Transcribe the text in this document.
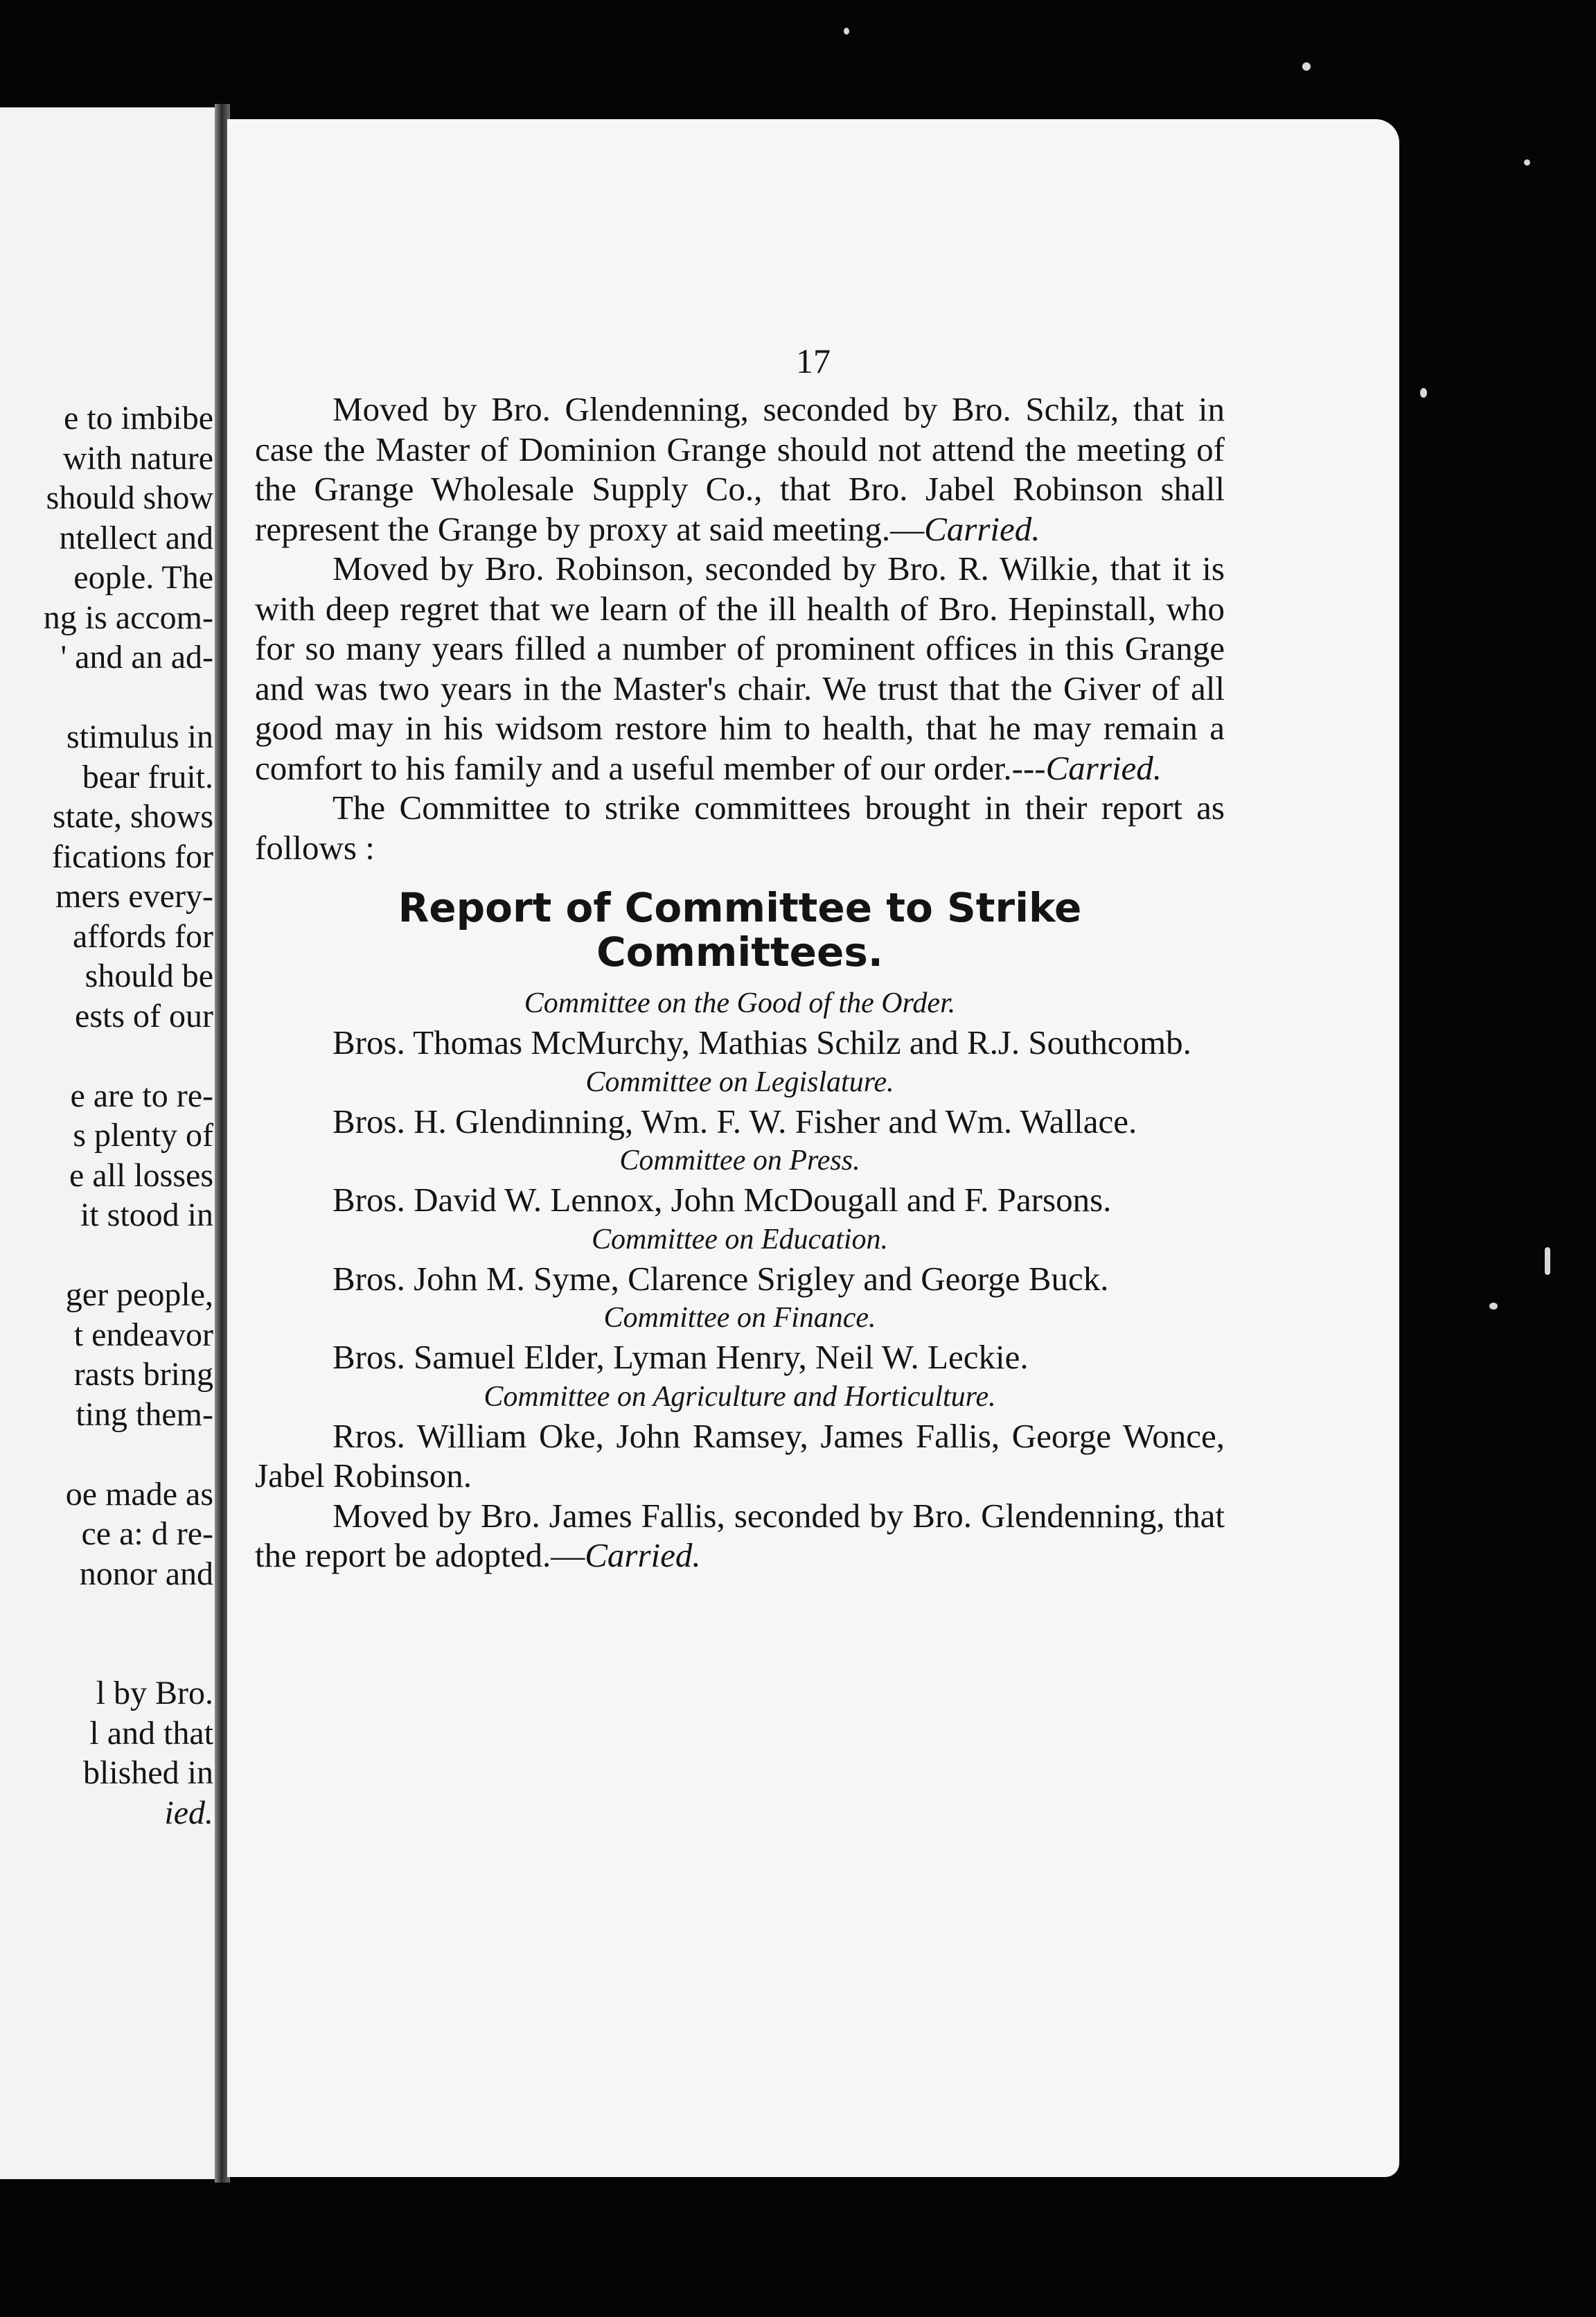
e to imbibe

with nature

should show

ntellect and

eople. The

ng is accom-

' and an ad-

stimulus in

bear fruit.

state, shows

fications for

mers every-

affords for

should be

ests of our

e are to re-

s plenty of

e all losses

it stood in

ger people,

t endeavor

rasts bring

ting them-

oe made as

ce a: d re-

nonor and

l by Bro.

l and that

blished in

ied.

17

Moved by Bro. Glendenning, seconded by Bro. Schilz, that in case the Master of Dominion Grange should not attend the meeting of the Grange Wholesale Supply Co., that Bro. Jabel Robinson shall represent the Grange by proxy at said meeting.—Carried.

Moved by Bro. Robinson, seconded by Bro. R. Wilkie, that it is with deep regret that we learn of the ill health of Bro. Hepinstall, who for so many years filled a number of prominent offices in this Grange and was two years in the Master's chair. We trust that the Giver of all good may in his widsom restore him to health, that he may remain a comfort to his family and a useful member of our order.---Carried.

The Committee to strike committees brought in their report as follows :

Report of Committee to Strike Committees.

Committee on the Good of the Order.

Bros. Thomas McMurchy, Mathias Schilz and R.J. Southcomb.

Committee on Legislature.

Bros. H. Glendinning, Wm. F. W. Fisher and Wm. Wallace.

Committee on Press.

Bros. David W. Lennox, John McDougall and F. Parsons.

Committee on Education.

Bros. John M. Syme, Clarence Srigley and George Buck.

Committee on Finance.

Bros. Samuel Elder, Lyman Henry, Neil W. Leckie.

Committee on Agriculture and Horticulture.

Rros. William Oke, John Ramsey, James Fallis, George Wonce, Jabel Robinson.

Moved by Bro. James Fallis, seconded by Bro. Glendenning, that the report be adopted.—Carried.
